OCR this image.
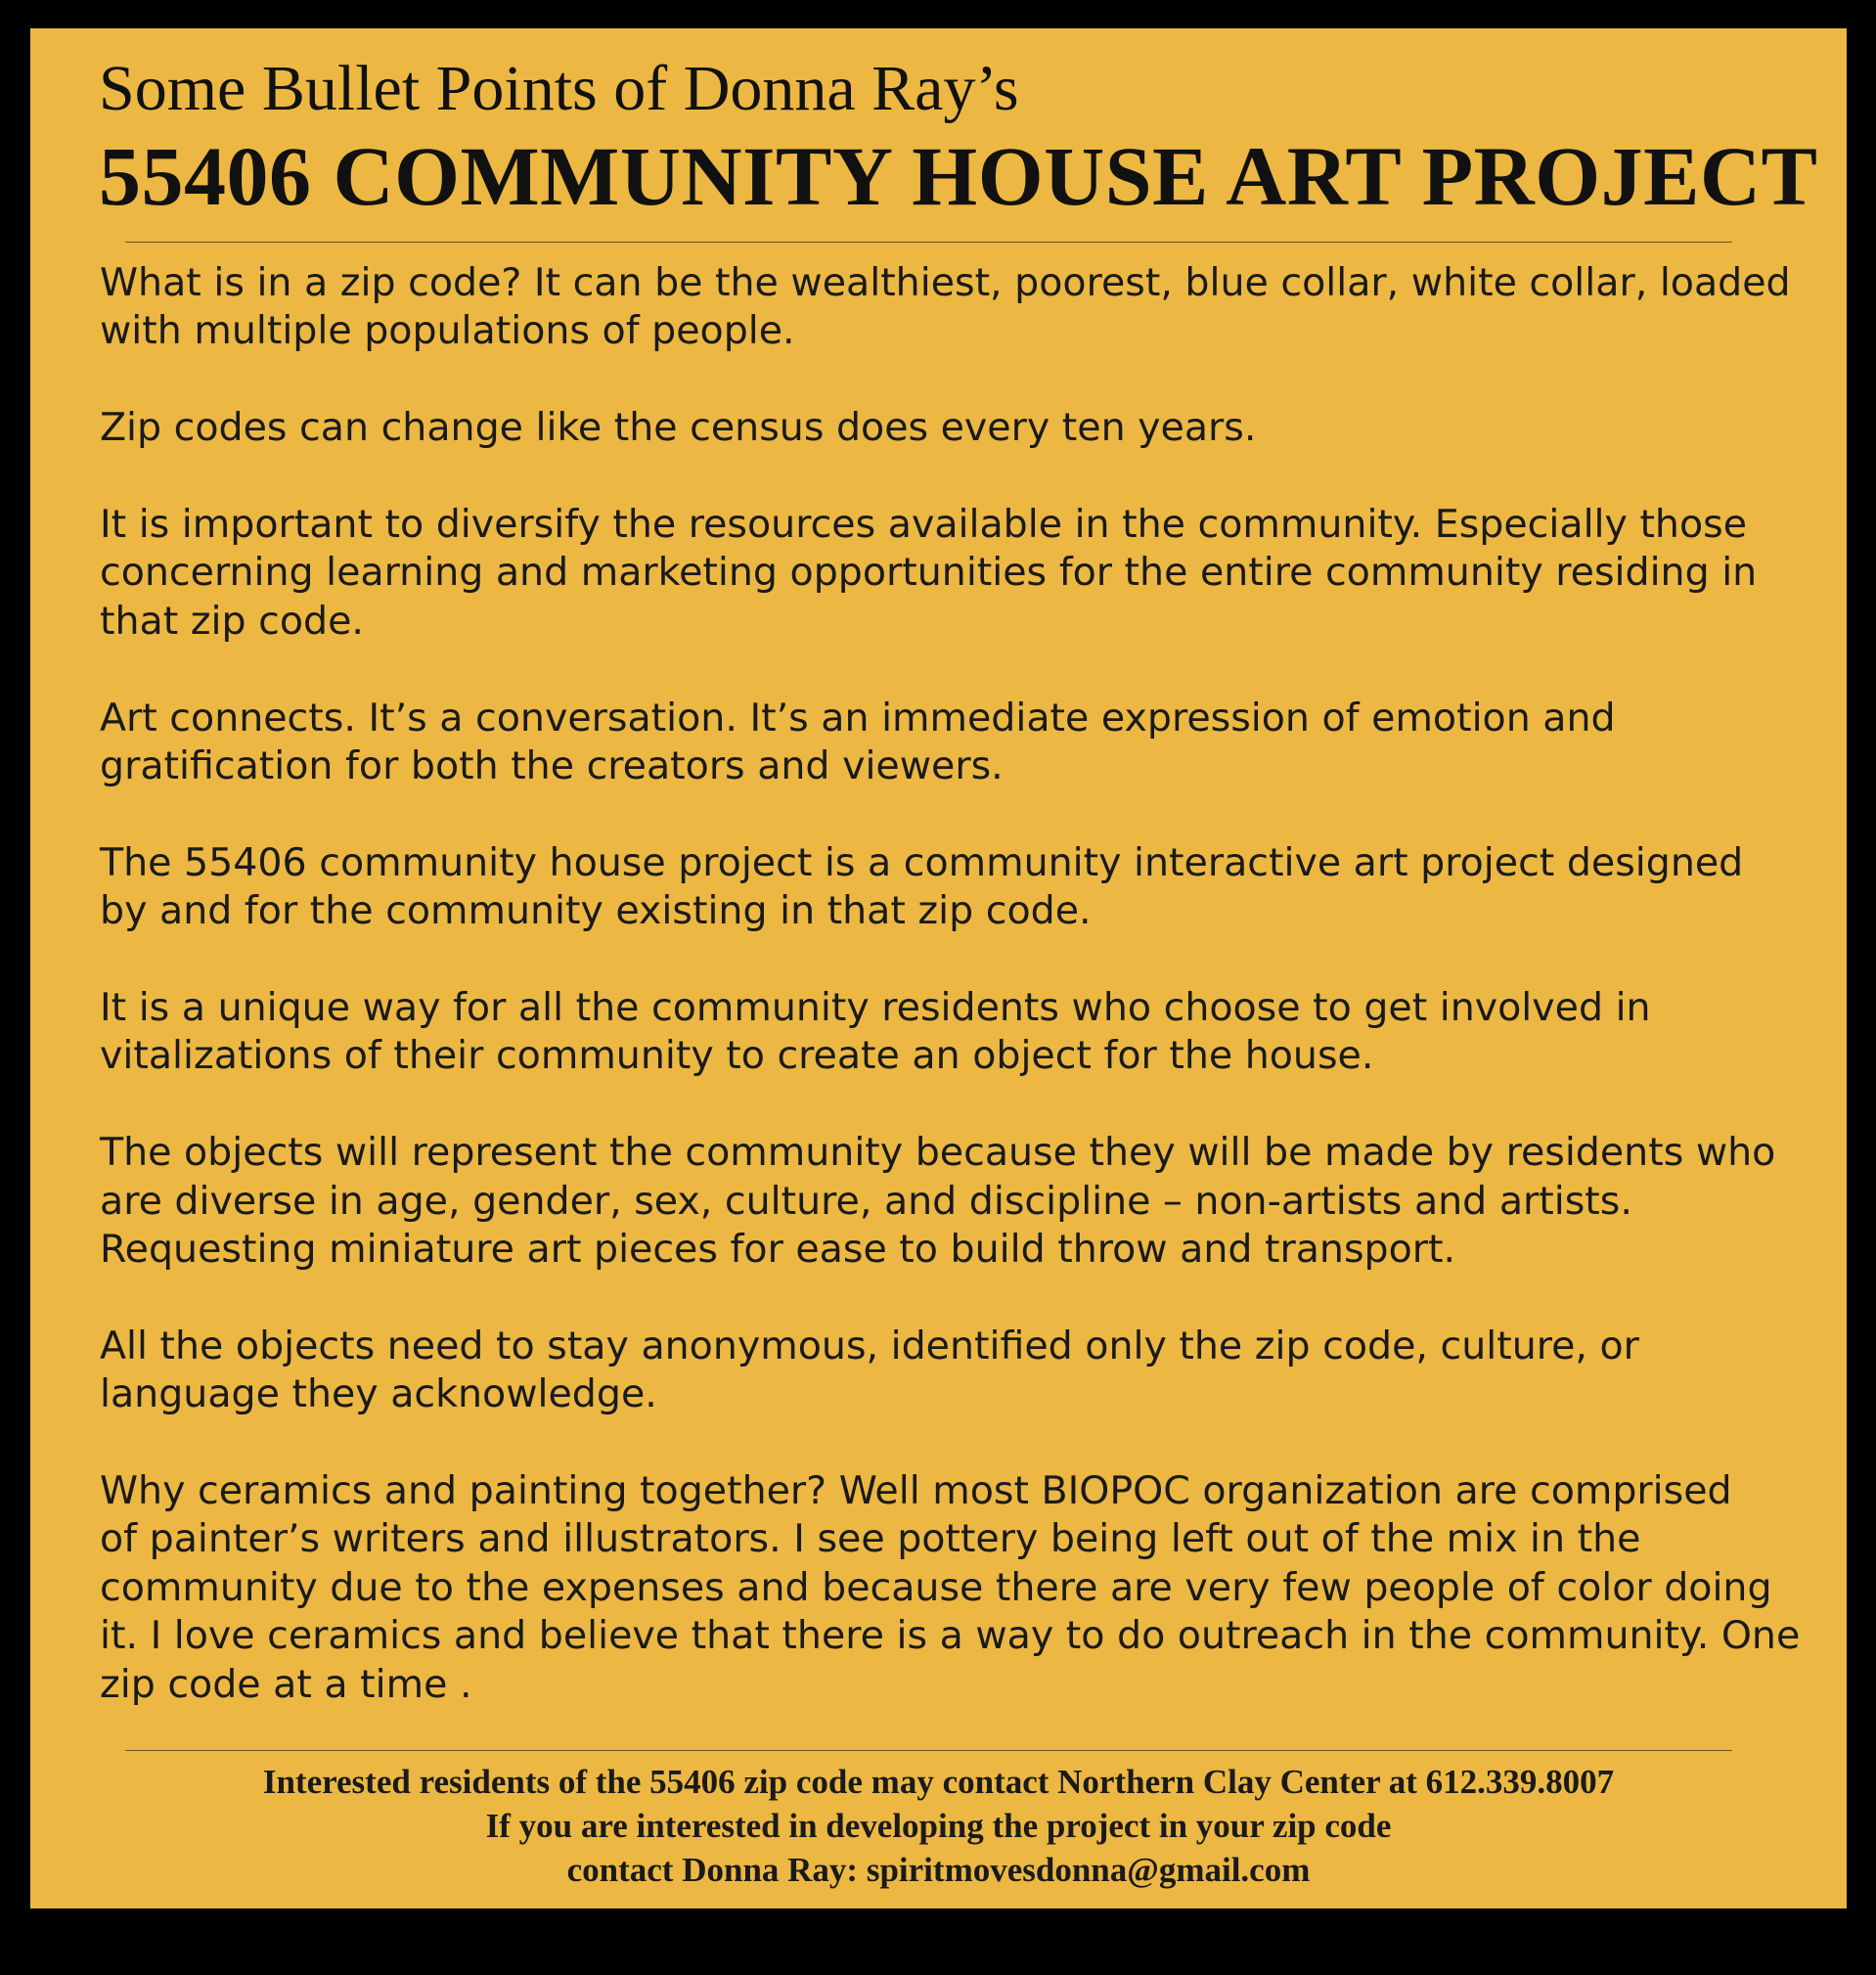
Some Bullet Points of Donna Ray’s
55406 COMMUNITY HOUSE ART PROJECT

What is in a zip code? It can be the wealthiest, poorest, blue collar, white collar, loaded
with multiple populations of people.

Zip codes can change like the census does every ten years.

It is important to diversify the resources available in the community. Especially those
concerning learning and marketing opportunities for the entire community residing in
that zip code.

Art connects. It’s a conversation. It’s an immediate expression of emotion and
gratification for both the creators and viewers.

The 55406 community house project is a community interactive art project designed
by and for the community existing in that zip code.

It is a unique way for all the community residents who choose to get involved in
vitalizations of their community to create an object for the house.

The objects will represent the community because they will be made by residents who
are diverse in age, gender, sex, culture, and discipline – non-artists and artists.
Requesting miniature art pieces for ease to build throw and transport.

All the objects need to stay anonymous, identified only the zip code, culture, or
language they acknowledge.

Why ceramics and painting together? Well most BIOPOC organization are comprised
of painter’s writers and illustrators. I see pottery being left out of the mix in the
community due to the expenses and because there are very few people of color doing
it. I love ceramics and believe that there is a way to do outreach in the community. One
zip code at a time .

Interested residents of the 55406 zip code may contact Northern Clay Center at 612.339.8007
If you are interested in developing the project in your zip code
contact Donna Ray: spiritmovesdonna@gmail.com
